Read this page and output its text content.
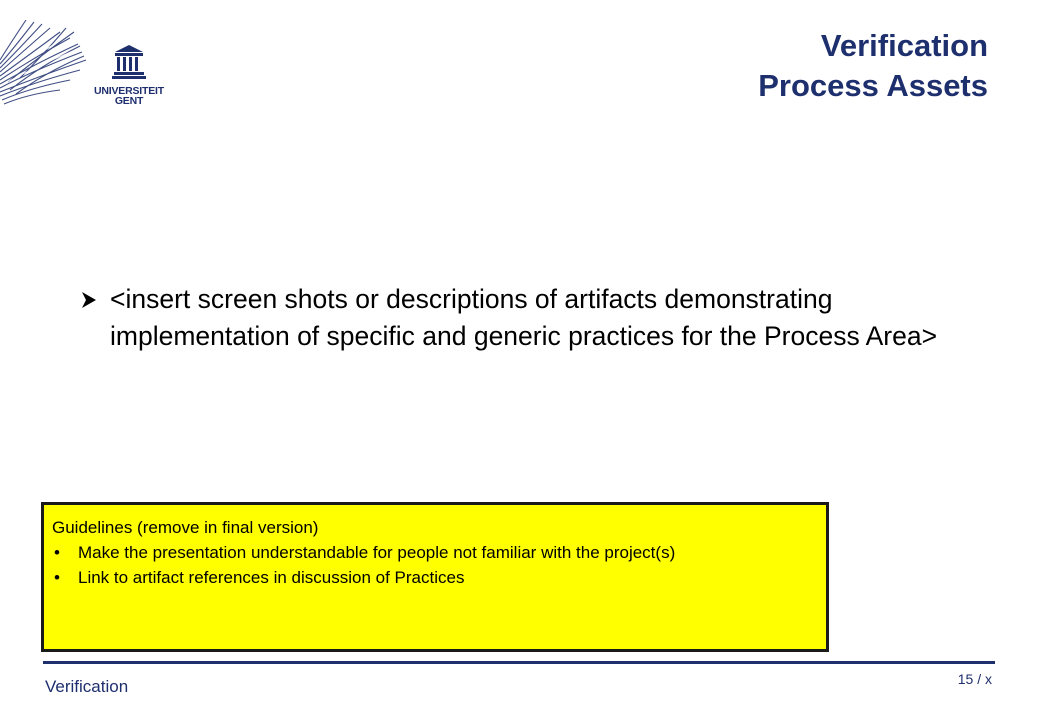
UNIVERSITEIT
GENT
Verification
Process Assets
<insert screen shots or descriptions of artifacts demonstrating implementation of specific and generic practices for the Process Area>
Guidelines (remove in final version)
•	Make the presentation understandable for people not familiar with the project(s)
•	Link to artifact references in discussion of Practices
Verification	15 / x
